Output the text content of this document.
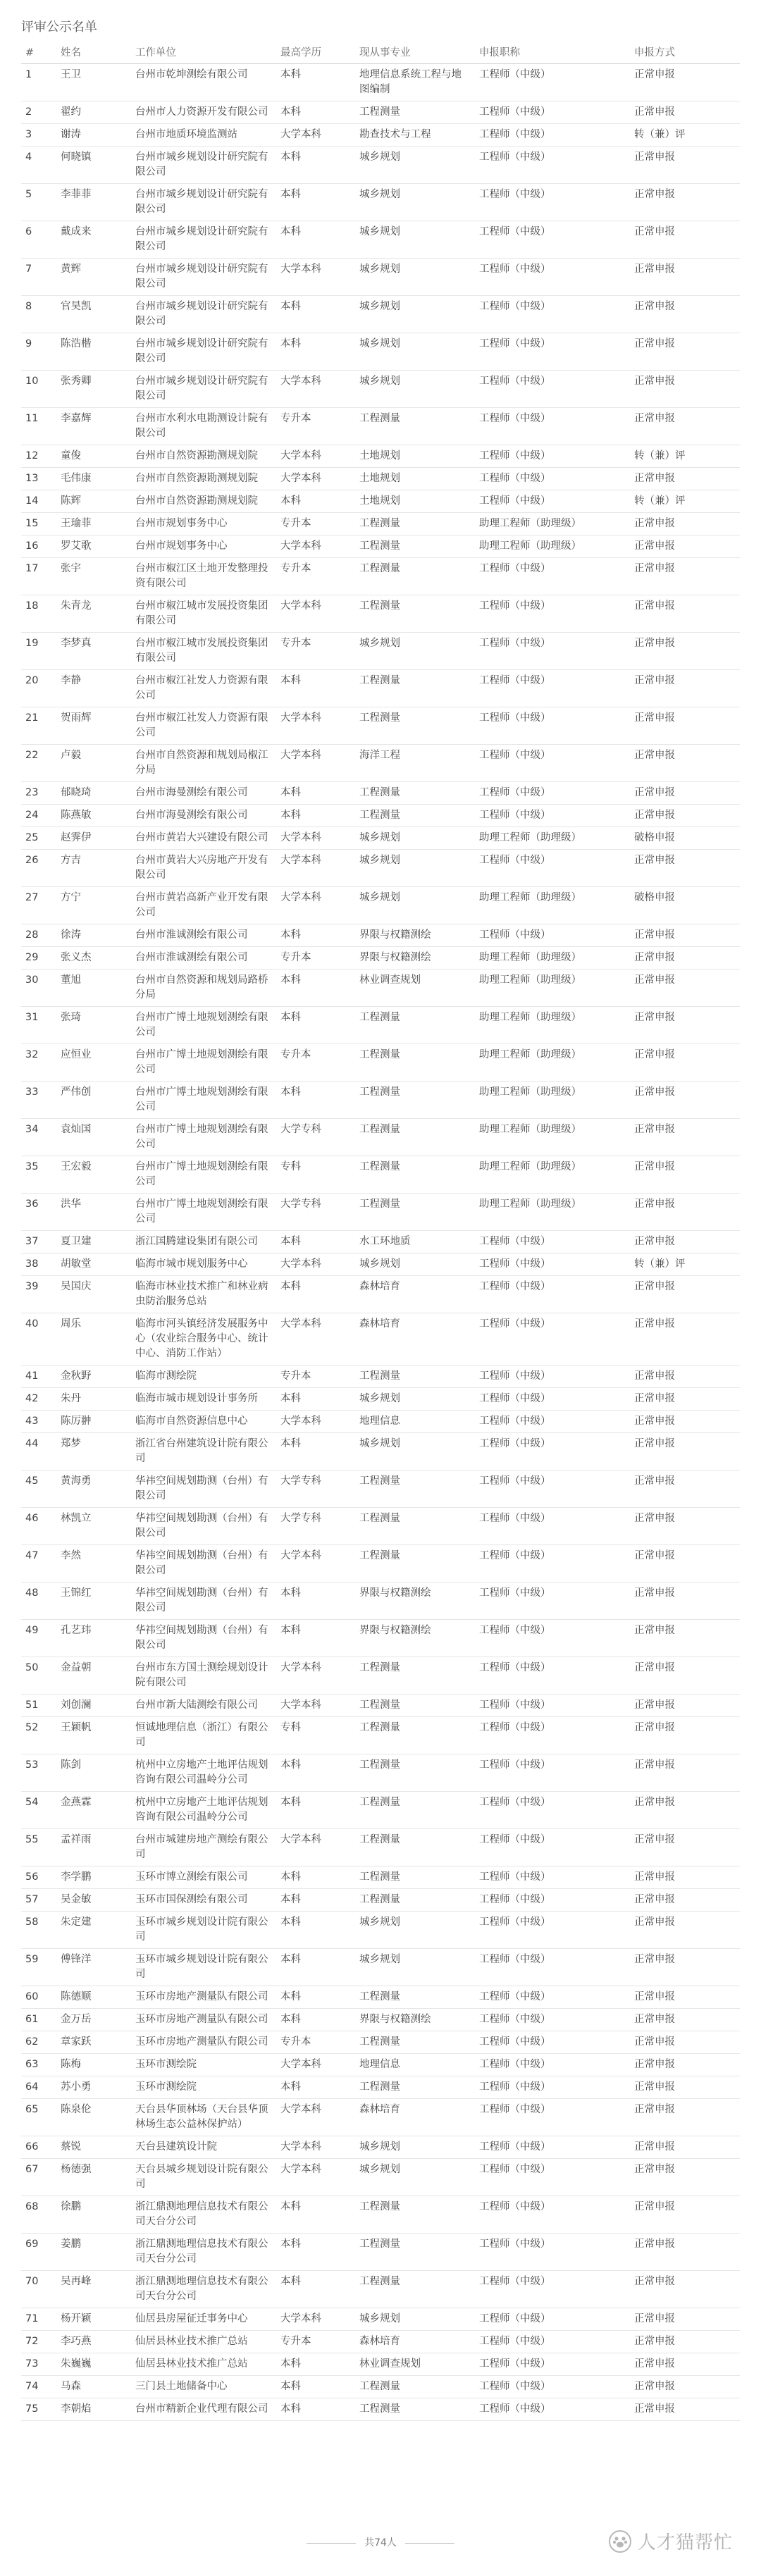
评审公示名单
#	姓名	工作单位	最高学历	现从事专业	申报职称	申报方式
1	王卫	台州市乾坤测绘有限公司	本科	地理信息系统工程与地图编制	工程师（中级）	正常申报
2	翟约	台州市人力资源开发有限公司	本科	工程测量	工程师（中级）	正常申报
3	谢涛	台州市地质环境监测站	大学本科	勘查技术与工程	工程师（中级）	转（兼）评
4	何晓镇	台州市城乡规划设计研究院有限公司	本科	城乡规划	工程师（中级）	正常申报
5	李菲菲	台州市城乡规划设计研究院有限公司	本科	城乡规划	工程师（中级）	正常申报
6	戴成来	台州市城乡规划设计研究院有限公司	本科	城乡规划	工程师（中级）	正常申报
7	黄辉	台州市城乡规划设计研究院有限公司	大学本科	城乡规划	工程师（中级）	正常申报
8	官昊凯	台州市城乡规划设计研究院有限公司	本科	城乡规划	工程师（中级）	正常申报
9	陈浩楷	台州市城乡规划设计研究院有限公司	本科	城乡规划	工程师（中级）	正常申报
10	张秀卿	台州市城乡规划设计研究院有限公司	大学本科	城乡规划	工程师（中级）	正常申报
11	李嘉辉	台州市水利水电勘测设计院有限公司	专升本	工程测量	工程师（中级）	正常申报
12	童俊	台州市自然资源勘测规划院	大学本科	土地规划	工程师（中级）	转（兼）评
13	毛伟康	台州市自然资源勘测规划院	大学本科	土地规划	工程师（中级）	正常申报
14	陈辉	台州市自然资源勘测规划院	本科	土地规划	工程师（中级）	转（兼）评
15	王瑜菲	台州市规划事务中心	专升本	工程测量	助理工程师（助理级）	正常申报
16	罗艾歌	台州市规划事务中心	大学本科	工程测量	助理工程师（助理级）	正常申报
17	张宇	台州市椒江区土地开发整理投资有限公司	专升本	工程测量	工程师（中级）	正常申报
18	朱青龙	台州市椒江城市发展投资集团有限公司	大学本科	工程测量	工程师（中级）	正常申报
19	李梦真	台州市椒江城市发展投资集团有限公司	专升本	城乡规划	工程师（中级）	正常申报
20	李静	台州市椒江社发人力资源有限公司	本科	工程测量	工程师（中级）	正常申报
21	贺雨辉	台州市椒江社发人力资源有限公司	大学本科	工程测量	工程师（中级）	正常申报
22	卢毅	台州市自然资源和规划局椒江分局	大学本科	海洋工程	工程师（中级）	正常申报
23	郁晓琦	台州市海曼测绘有限公司	本科	工程测量	工程师（中级）	正常申报
24	陈燕敏	台州市海曼测绘有限公司	本科	工程测量	工程师（中级）	正常申报
25	赵霁伊	台州市黄岩大兴建设有限公司	大学本科	城乡规划	助理工程师（助理级）	破格申报
26	方吉	台州市黄岩大兴房地产开发有限公司	大学本科	城乡规划	工程师（中级）	正常申报
27	方宁	台州市黄岩高新产业开发有限公司	大学本科	城乡规划	助理工程师（助理级）	破格申报
28	徐涛	台州市淮诚测绘有限公司	本科	界限与权籍测绘	工程师（中级）	正常申报
29	张义杰	台州市淮诚测绘有限公司	专升本	界限与权籍测绘	助理工程师（助理级）	正常申报
30	董旭	台州市自然资源和规划局路桥分局	本科	林业调查规划	助理工程师（助理级）	正常申报
31	张琦	台州市广博土地规划测绘有限公司	本科	工程测量	助理工程师（助理级）	正常申报
32	应恒业	台州市广博土地规划测绘有限公司	专升本	工程测量	助理工程师（助理级）	正常申报
33	严伟创	台州市广博土地规划测绘有限公司	本科	工程测量	助理工程师（助理级）	正常申报
34	袁灿国	台州市广博土地规划测绘有限公司	大学专科	工程测量	助理工程师（助理级）	正常申报
35	王宏毅	台州市广博土地规划测绘有限公司	专科	工程测量	助理工程师（助理级）	正常申报
36	洪华	台州市广博土地规划测绘有限公司	大学专科	工程测量	助理工程师（助理级）	正常申报
37	夏卫建	浙江国腾建设集团有限公司	本科	水工环地质	工程师（中级）	正常申报
38	胡敏堂	临海市城市规划服务中心	大学本科	城乡规划	工程师（中级）	转（兼）评
39	吴国庆	临海市林业技术推广和林业病虫防治服务总站	本科	森林培育	工程师（中级）	正常申报
40	周乐	临海市河头镇经济发展服务中心（农业综合服务中心、统计中心、消防工作站）	大学本科	森林培育	工程师（中级）	正常申报
41	金秋野	临海市测绘院	专升本	工程测量	工程师（中级）	正常申报
42	朱丹	临海市城市规划设计事务所	本科	城乡规划	工程师（中级）	正常申报
43	陈厉翀	临海市自然资源信息中心	大学本科	地理信息	工程师（中级）	正常申报
44	郑梦	浙江省台州建筑设计院有限公司	本科	城乡规划	工程师（中级）	正常申报
45	黄海勇	华祎空间规划勘测（台州）有限公司	大学专科	工程测量	工程师（中级）	正常申报
46	林凯立	华祎空间规划勘测（台州）有限公司	大学专科	工程测量	工程师（中级）	正常申报
47	李然	华祎空间规划勘测（台州）有限公司	大学本科	工程测量	工程师（中级）	正常申报
48	王锦红	华祎空间规划勘测（台州）有限公司	本科	界限与权籍测绘	工程师（中级）	正常申报
49	孔艺玮	华祎空间规划勘测（台州）有限公司	本科	界限与权籍测绘	工程师（中级）	正常申报
50	金益朝	台州市东方国土测绘规划设计院有限公司	大学本科	工程测量	工程师（中级）	正常申报
51	刘创澜	台州市新大陆测绘有限公司	大学本科	工程测量	工程师（中级）	正常申报
52	王颖帆	恒诚地理信息（浙江）有限公司	专科	工程测量	工程师（中级）	正常申报
53	陈剑	杭州中立房地产土地评估规划咨询有限公司温岭分公司	本科	工程测量	工程师（中级）	正常申报
54	金燕霖	杭州中立房地产土地评估规划咨询有限公司温岭分公司	本科	工程测量	工程师（中级）	正常申报
55	孟祥雨	台州市城建房地产测绘有限公司	大学本科	工程测量	工程师（中级）	正常申报
56	李学鹏	玉环市博立测绘有限公司	本科	工程测量	工程师（中级）	正常申报
57	吴金敏	玉环市国保测绘有限公司	本科	工程测量	工程师（中级）	正常申报
58	朱定建	玉环市城乡规划设计院有限公司	本科	城乡规划	工程师（中级）	正常申报
59	傅锋洋	玉环市城乡规划设计院有限公司	本科	城乡规划	工程师（中级）	正常申报
60	陈德顺	玉环市房地产测量队有限公司	本科	工程测量	工程师（中级）	正常申报
61	金万岳	玉环市房地产测量队有限公司	本科	界限与权籍测绘	工程师（中级）	正常申报
62	章家跃	玉环市房地产测量队有限公司	专升本	工程测量	工程师（中级）	正常申报
63	陈梅	玉环市测绘院	大学本科	地理信息	工程师（中级）	正常申报
64	苏小勇	玉环市测绘院	本科	工程测量	工程师（中级）	正常申报
65	陈泉伦	天台县华顶林场（天台县华顶林场生态公益林保护站）	大学本科	森林培育	工程师（中级）	正常申报
66	蔡锐	天台县建筑设计院	大学本科	城乡规划	工程师（中级）	正常申报
67	杨德强	天台县城乡规划设计院有限公司	大学本科	城乡规划	工程师（中级）	正常申报
68	徐鹏	浙江鼎测地理信息技术有限公司天台分公司	本科	工程测量	工程师（中级）	正常申报
69	姜鹏	浙江鼎测地理信息技术有限公司天台分公司	本科	工程测量	工程师（中级）	正常申报
70	吴再峰	浙江鼎测地理信息技术有限公司天台分公司	本科	工程测量	工程师（中级）	正常申报
71	杨开颖	仙居县房屋征迁事务中心	大学本科	城乡规划	工程师（中级）	正常申报
72	李巧燕	仙居县林业技术推广总站	专升本	森林培育	工程师（中级）	正常申报
73	朱巍巍	仙居县林业技术推广总站	本科	林业调查规划	工程师（中级）	正常申报
74	马森	三门县土地储备中心	本科	工程测量	工程师（中级）	正常申报
75	李朝焰	台州市精新企业代理有限公司	本科	工程测量	工程师（中级）	正常申报
共74人	人才猫帮忙
